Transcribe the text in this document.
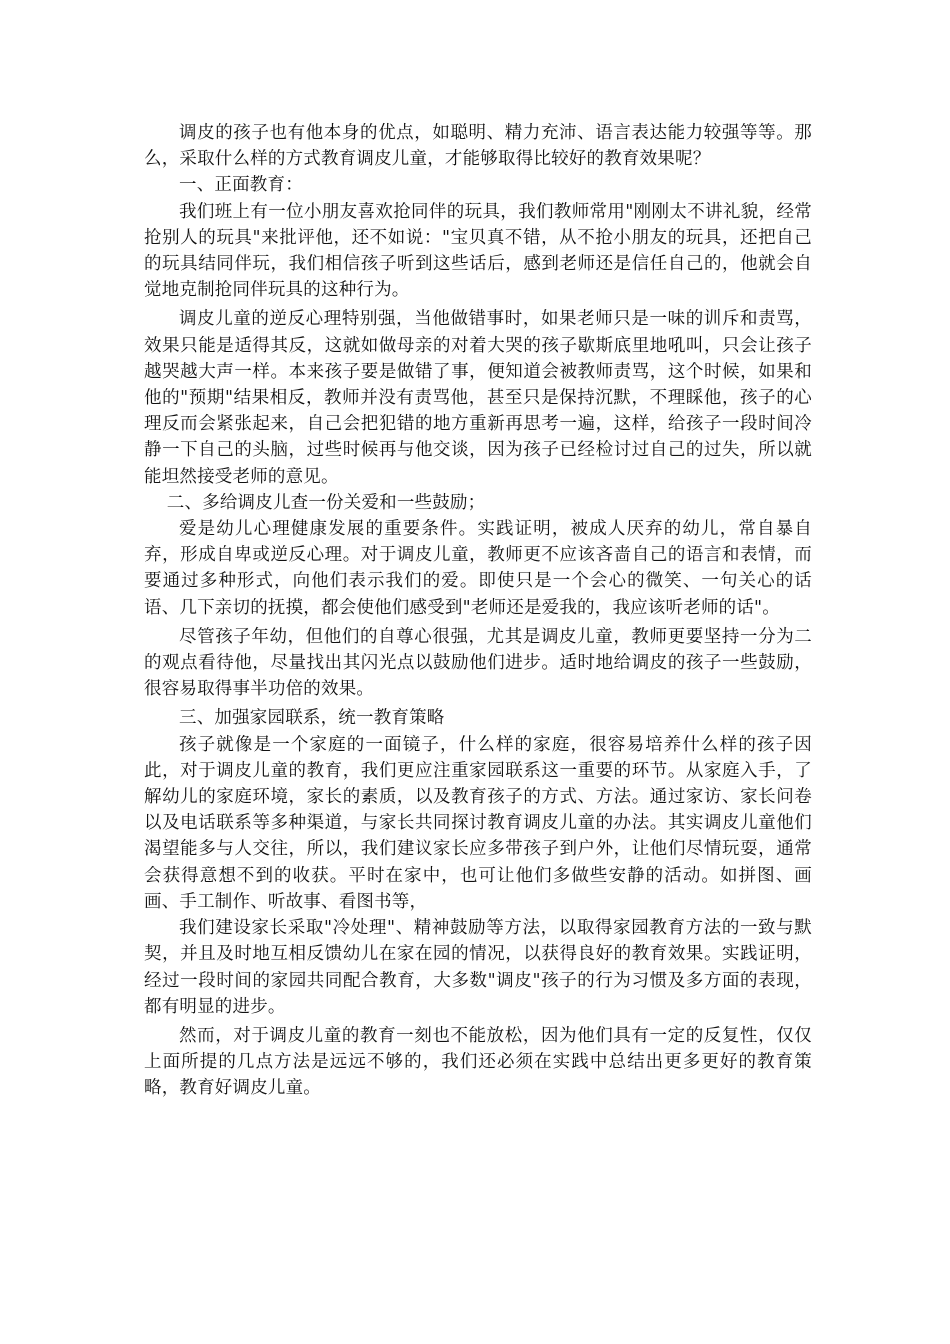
调皮的孩子也有他本身的优点，如聪明、精力充沛、语言表达能力较强等等。那么，采取什么样的方式教育调皮儿童，才能够取得比较好的教育效果呢？

一、正面教育：

我们班上有一位小朋友喜欢抢同伴的玩具，我们教师常用"刚刚太不讲礼貌，经常抢别人的玩具"来批评他，还不如说："宝贝真不错，从不抢小朋友的玩具，还把自己的玩具结同伴玩，我们相信孩子听到这些话后，感到老师还是信任自己的，他就会自觉地克制抢同伴玩具的这种行为。

调皮儿童的逆反心理特别强，当他做错事时，如果老师只是一味的训斥和责骂，效果只能是适得其反，这就如做母亲的对着大哭的孩子歇斯底里地吼叫，只会让孩子越哭越大声一样。本来孩子要是做错了事，便知道会被教师责骂，这个时候，如果和他的"预期"结果相反，教师并没有责骂他，甚至只是保持沉默，不理睬他，孩子的心理反而会紧张起来，自己会把犯错的地方重新再思考一遍，这样，给孩子一段时间冷静一下自己的头脑，过些时候再与他交谈，因为孩子已经检讨过自己的过失，所以就能坦然接受老师的意见。

二、多给调皮儿查一份关爱和一些鼓励；

爱是幼儿心理健康发展的重要条件。实践证明，被成人厌弃的幼儿，常自暴自弃，形成自卑或逆反心理。对于调皮儿童，教师更不应该吝啬自己的语言和表情，而要通过多种形式，向他们表示我们的爱。即使只是一个会心的微笑、一句关心的话语、几下亲切的抚摸，都会使他们感受到"老师还是爱我的，我应该听老师的话"。

尽管孩子年幼，但他们的自尊心很强，尤其是调皮儿童，教师更要坚持一分为二的观点看待他，尽量找出其闪光点以鼓励他们进步。适时地给调皮的孩子一些鼓励，很容易取得事半功倍的效果。

三、加强家园联系，统一教育策略

孩子就像是一个家庭的一面镜子，什么样的家庭，很容易培养什么样的孩子因此，对于调皮儿童的教育，我们更应注重家园联系这一重要的环节。从家庭入手，了解幼儿的家庭环境，家长的素质，以及教育孩子的方式、方法。通过家访、家长问卷以及电话联系等多种渠道，与家长共同探讨教育调皮儿童的办法。其实调皮儿童他们渴望能多与人交往，所以，我们建议家长应多带孩子到户外，让他们尽情玩耍，通常会获得意想不到的收获。平时在家中，也可让他们多做些安静的活动。如拼图、画画、手工制作、听故事、看图书等，

我们建设家长采取"冷处理"、精神鼓励等方法，以取得家园教育方法的一致与默契，并且及时地互相反馈幼儿在家在园的情况，以获得良好的教育效果。实践证明，经过一段时间的家园共同配合教育，大多数"调皮"孩子的行为习惯及多方面的表现，都有明显的进步。

然而，对于调皮儿童的教育一刻也不能放松，因为他们具有一定的反复性，仅仅上面所提的几点方法是远远不够的，我们还必须在实践中总结出更多更好的教育策略，教育好调皮儿童。
